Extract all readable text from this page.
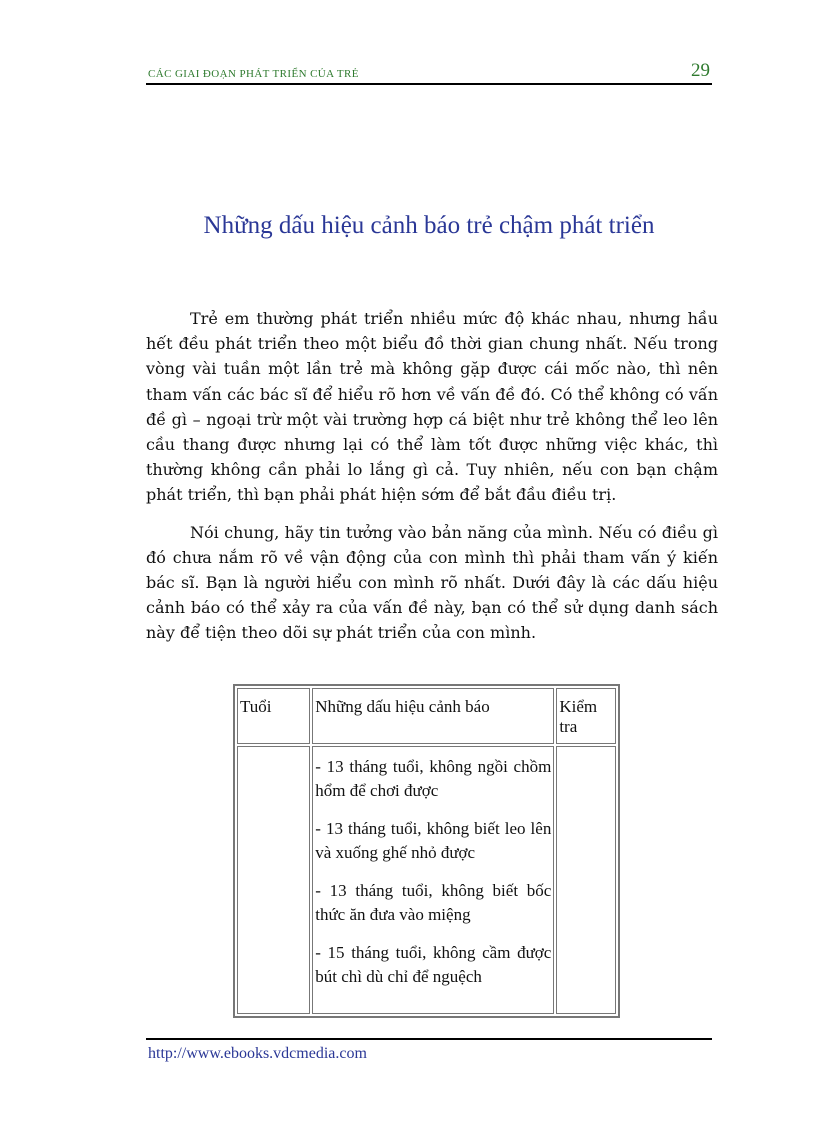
CÁC GIAI ĐOẠN PHÁT TRIỂN CỦA TRẺ	29
Những dấu hiệu cảnh báo trẻ chậm phát triển

Trẻ em thường phát triển nhiều mức độ khác nhau, nhưng hầu hết đều phát triển theo một biểu đồ thời gian chung nhất. Nếu trong vòng vài tuần một lần trẻ mà không gặp được cái mốc nào, thì nên tham vấn các bác sĩ để hiểu rõ hơn về vấn đề đó. Có thể không có vấn đề gì – ngoại trừ một vài trường hợp cá biệt như trẻ không thể leo lên cầu thang được nhưng lại có thể làm tốt được những việc khác, thì thường không cần phải lo lắng gì cả. Tuy nhiên, nếu con bạn chậm phát triển, thì bạn phải phát hiện sớm để bắt đầu điều trị.

Nói chung, hãy tin tưởng vào bản năng của mình. Nếu có điều gì đó chưa nắm rõ về vận động của con mình thì phải tham vấn ý kiến bác sĩ. Bạn là người hiểu con mình rõ nhất. Dưới đây là các dấu hiệu cảnh báo có thể xảy ra của vấn đề này, bạn có thể sử dụng danh sách này để tiện theo dõi sự phát triển của con mình.

Tuổi	Những dấu hiệu cảnh báo	Kiểm tra

	- 13 tháng tuổi, không ngồi chồm hổm để chơi được
- 13 tháng tuổi, không biết leo lên và xuống ghế nhỏ được
- 13 tháng tuổi, không biết bốc thức ăn đưa vào miệng
- 15 tháng tuổi, không cầm được bút chì dù chỉ để nguệch	

http://www.ebooks.vdcmedia.com
